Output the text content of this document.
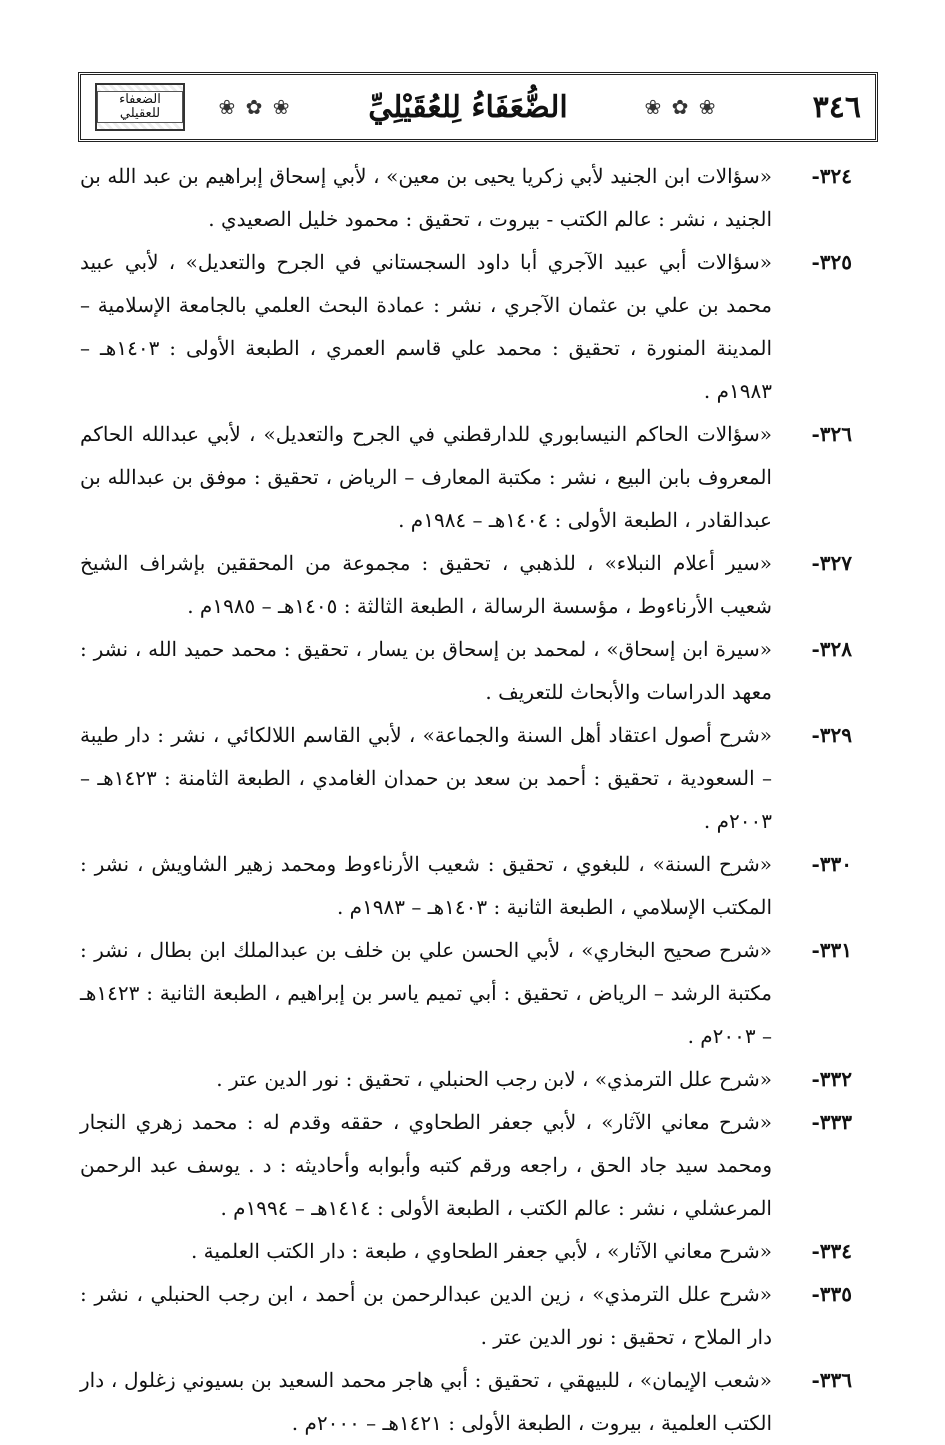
٣٤٦
❀ ✿ ❀
الضُّعَفَاءُ لِلعُقَيْلِيِّ
❀ ✿ ❀
الضعفاء للعقيلي
٣٢٤-
«سؤالات ابن الجنيد لأبي زكريا يحيى بن معين» ، لأبي إسحاق إبراهيم بن عبد الله بن الجنيد ، نشر : عالم الكتب - بيروت ، تحقيق : محمود خليل الصعيدي .
٣٢٥-
«سؤالات أبي عبيد الآجري أبا داود السجستاني في الجرح والتعديل» ، لأبي عبيد محمد بن علي بن عثمان الآجري ، نشر : عمادة البحث العلمي بالجامعة الإسلامية – المدينة المنورة ، تحقيق : محمد علي قاسم العمري ، الطبعة الأولى : ١٤٠٣هـ – ١٩٨٣م .
٣٢٦-
«سؤالات الحاكم النيسابوري للدارقطني في الجرح والتعديل» ، لأبي عبدالله الحاكم المعروف بابن البيع ، نشر : مكتبة المعارف – الرياض ، تحقيق : موفق بن عبدالله بن عبدالقادر ، الطبعة الأولى : ١٤٠٤هـ – ١٩٨٤م .
٣٢٧-
«سير أعلام النبلاء» ، للذهبي ، تحقيق : مجموعة من المحققين بإشراف الشيخ شعيب الأرناءوط ، مؤسسة الرسالة ، الطبعة الثالثة : ١٤٠٥هـ – ١٩٨٥م .
٣٢٨-
«سيرة ابن إسحاق» ، لمحمد بن إسحاق بن يسار ، تحقيق : محمد حميد الله ، نشر : معهد الدراسات والأبحاث للتعريف .
٣٢٩-
«شرح أصول اعتقاد أهل السنة والجماعة» ، لأبي القاسم اللالكائي ، نشر : دار طيبة – السعودية ، تحقيق : أحمد بن سعد بن حمدان الغامدي ، الطبعة الثامنة : ١٤٢٣هـ – ٢٠٠٣م .
٣٣٠-
«شرح السنة» ، للبغوي ، تحقيق : شعيب الأرناءوط ومحمد زهير الشاويش ، نشر : المكتب الإسلامي ، الطبعة الثانية : ١٤٠٣هـ – ١٩٨٣م .
٣٣١-
«شرح صحيح البخاري» ، لأبي الحسن علي بن خلف بن عبدالملك ابن بطال ، نشر : مكتبة الرشد – الرياض ، تحقيق : أبي تميم ياسر بن إبراهيم ، الطبعة الثانية : ١٤٢٣هـ – ٢٠٠٣م .
٣٣٢-
«شرح علل الترمذي» ، لابن رجب الحنبلي ، تحقيق : نور الدين عتر .
٣٣٣-
«شرح معاني الآثار» ، لأبي جعفر الطحاوي ، حققه وقدم له : محمد زهري النجار ومحمد سيد جاد الحق ، راجعه ورقم كتبه وأبوابه وأحاديثه : د . يوسف عبد الرحمن المرعشلي ، نشر : عالم الكتب ، الطبعة الأولى : ١٤١٤هـ – ١٩٩٤م .
٣٣٤-
«شرح معاني الآثار» ، لأبي جعفر الطحاوي ، طبعة : دار الكتب العلمية .
٣٣٥-
«شرح علل الترمذي» ، زين الدين عبدالرحمن بن أحمد ، ابن رجب الحنبلي ، نشر : دار الملاح ، تحقيق : نور الدين عتر .
٣٣٦-
«شعب الإيمان» ، للبيهقي ، تحقيق : أبي هاجر محمد السعيد بن بسيوني زغلول ، دار الكتب العلمية ، بيروت ، الطبعة الأولى : ١٤٢١هـ – ٢٠٠٠م .
